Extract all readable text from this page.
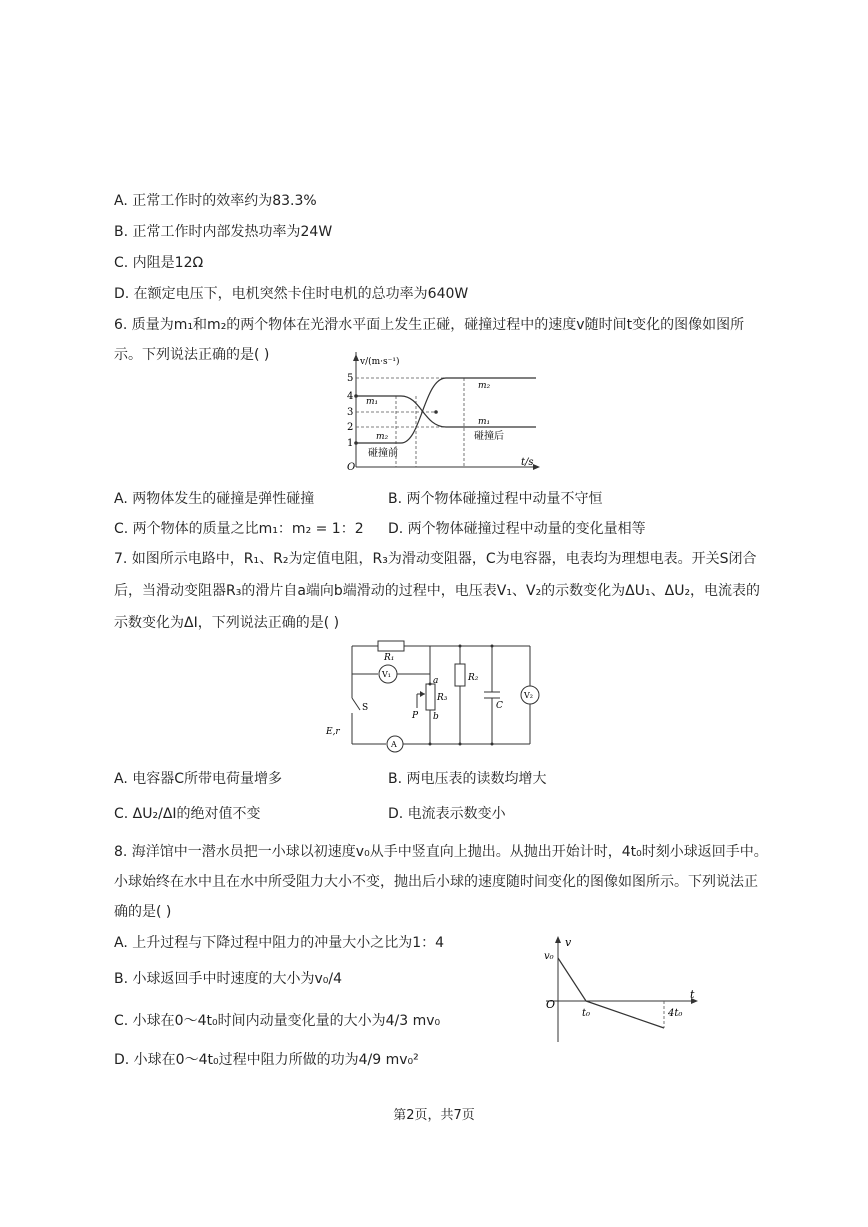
A. 正常工作时的效率约为83.3%
B. 正常工作时内部发热功率为24W
C. 内阻是12Ω
D. 在额定电压下，电机突然卡住时电机的总功率为640W
6. 质量为m₁和m₂的两个物体在光滑水平面上发生正碰，碰撞过程中的速度v随时间t变化的图像如图所
示。下列说法正确的是( )
5
4
3
2
1
O
v/(m·s⁻¹)
t/s
m₁
m₂
m₂
m₁
碰撞前
碰撞后
A. 两物体发生的碰撞是弹性碰撞	B. 两个物体碰撞过程中动量不守恒
C. 两个物体的质量之比m₁：m₂ = 1：2 D. 两个物体碰撞过程中动量的变化量相等
7. 如图所示电路中，R₁、R₂为定值电阻，R₃为滑动变阻器，C为电容器，电表均为理想电表。开关S闭合
后，当滑动变阻器R₃的滑片自a端向b端滑动的过程中，电压表V₁、V₂的示数变化为ΔU₁、ΔU₂，电流表的
示数变化为ΔI，下列说法正确的是( )
R₁
V₁
a
R₃
b
P
S
E,r
R₂
C
V₂
A
A. 电容器C所带电荷量增多	B. 两电压表的读数均增大
C. ΔU₂/ΔI的绝对值不变	D. 电流表示数变小
8. 海洋馆中一潜水员把一小球以初速度v₀从手中竖直向上抛出。从抛出开始计时，4t₀时刻小球返回手中。
小球始终在水中且在水中所受阻力大小不变，抛出后小球的速度随时间变化的图像如图所示。下列说法正
确的是( )
A. 上升过程与下降过程中阻力的冲量大小之比为1：4
B. 小球返回手中时速度的大小为v₀/4
C. 小球在0～4t₀时间内动量变化量的大小为4/3 mv₀
D. 小球在0～4t₀过程中阻力所做的功为4/9 mv₀²
v
v₀
O
t₀	4t₀
t
第2页，共7页
